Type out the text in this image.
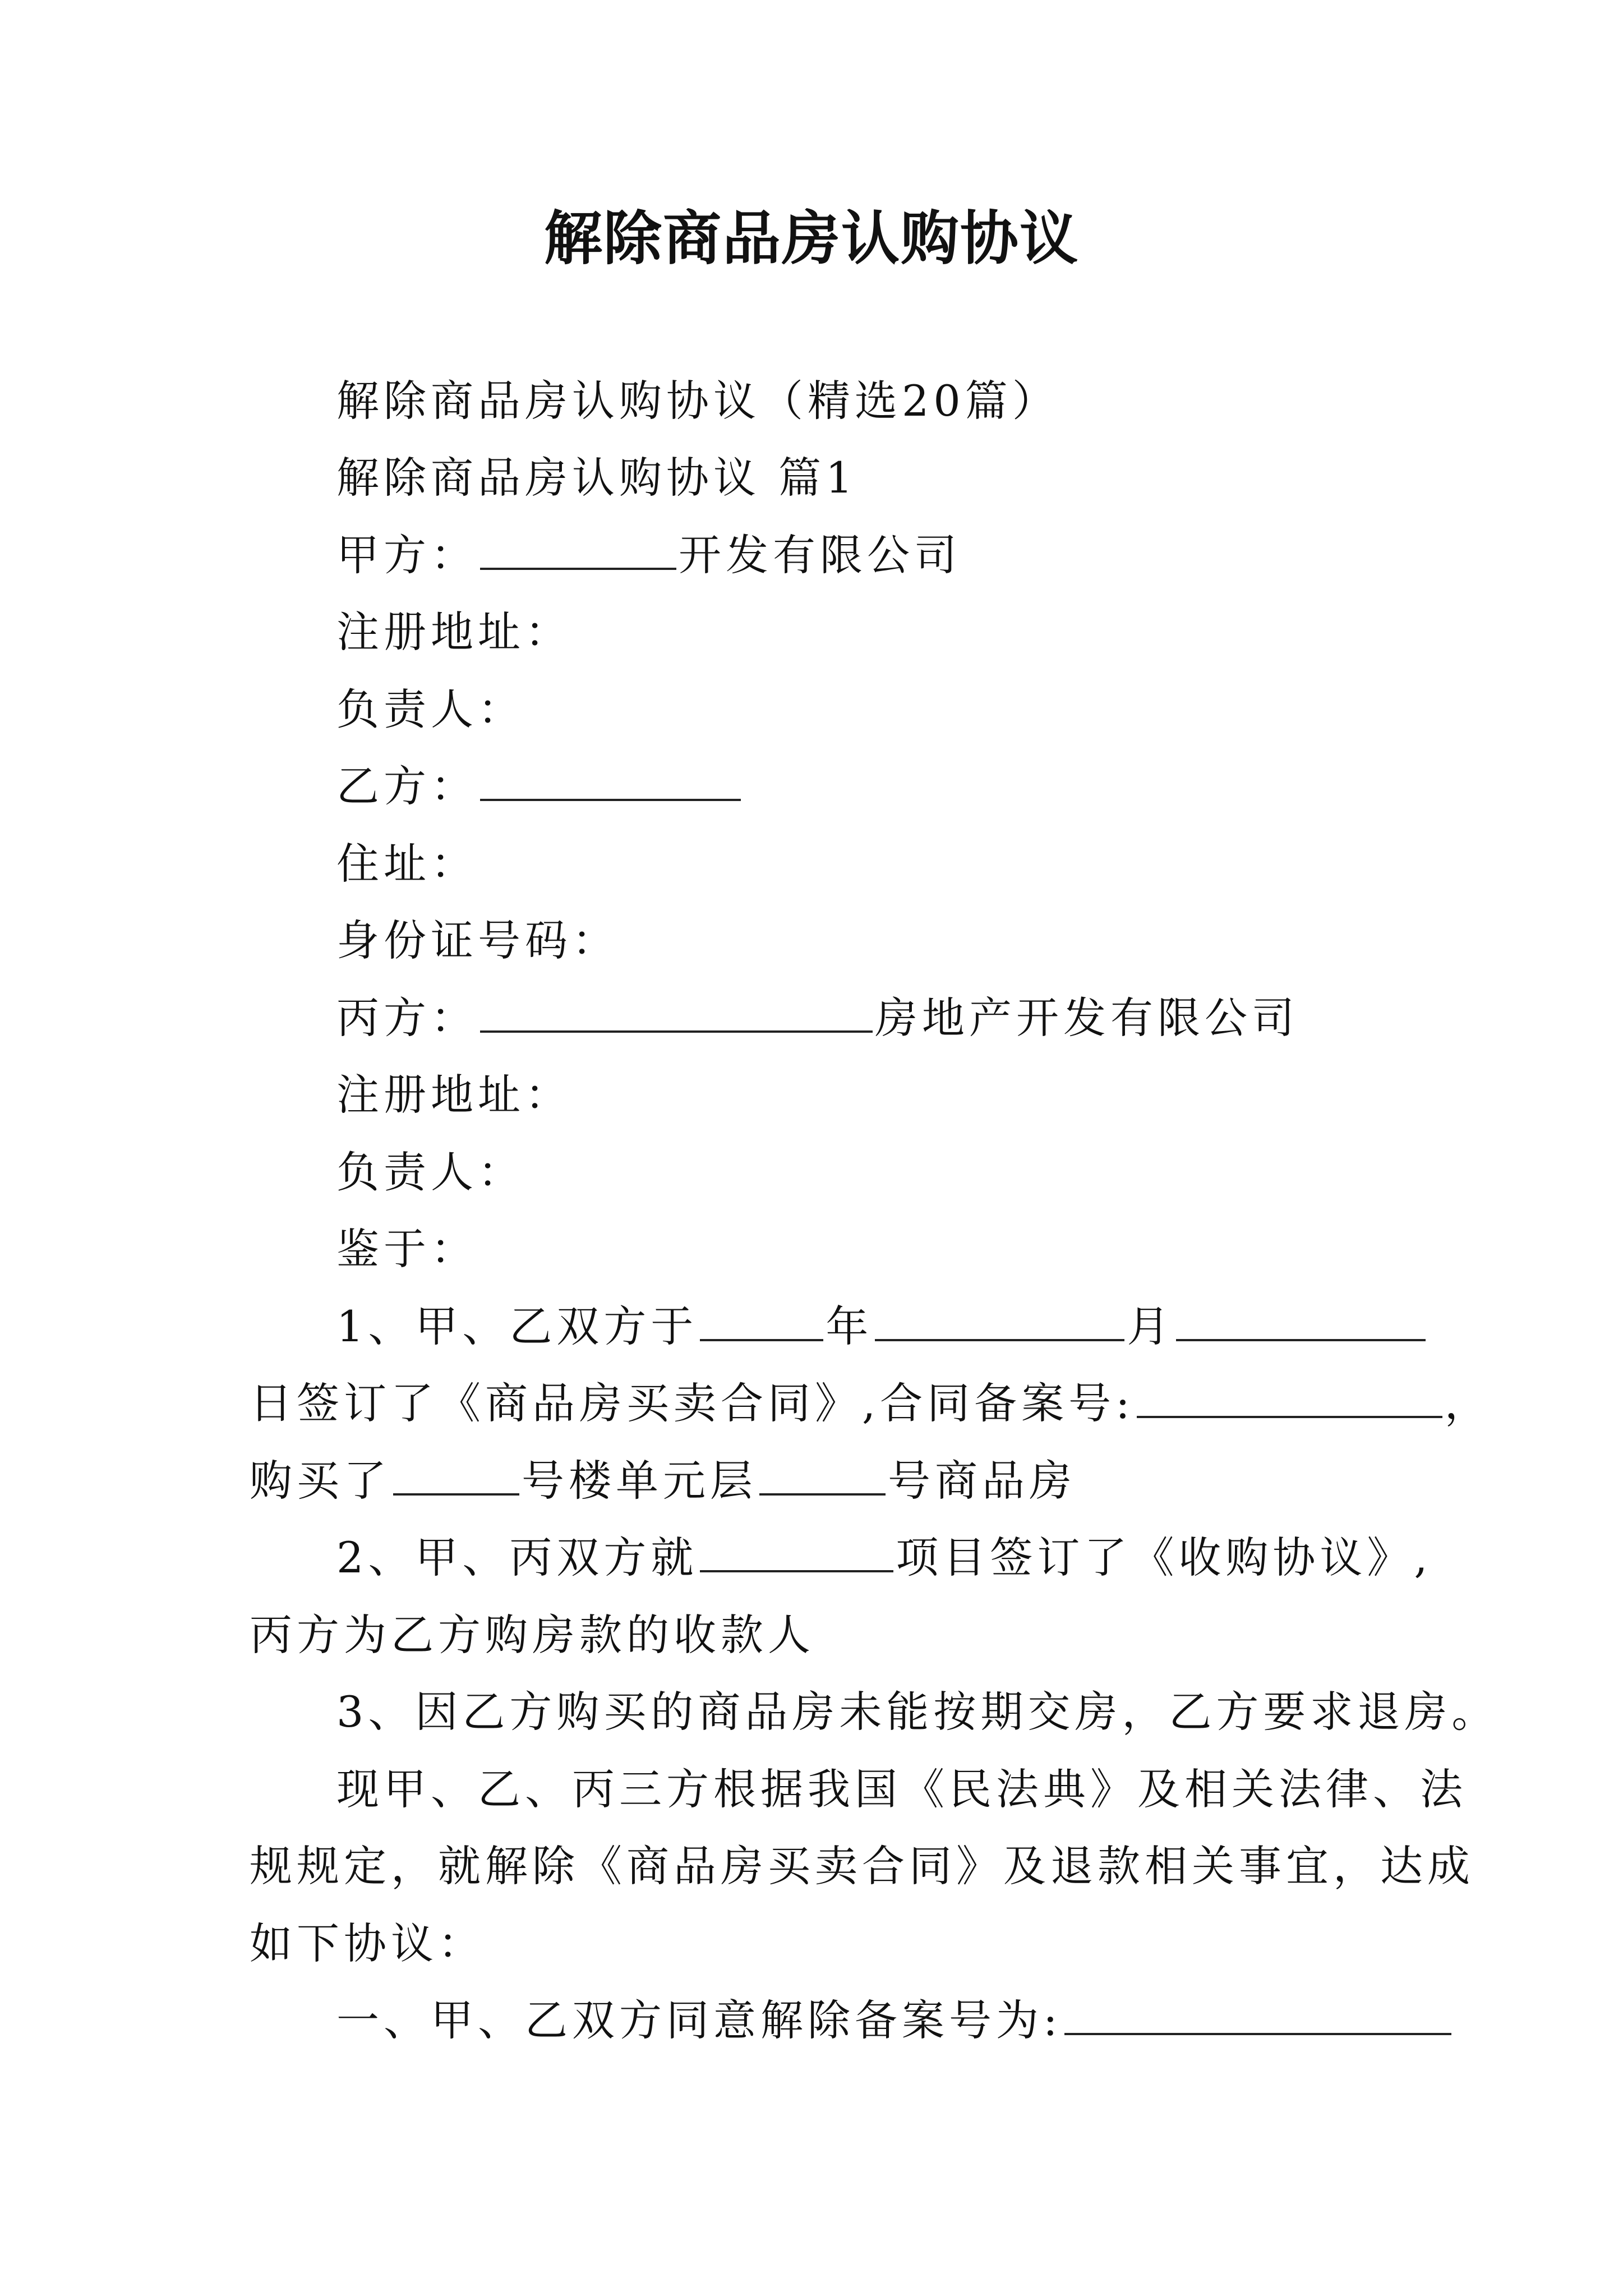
解除商品房认购协议
解除商品房认购协议（精选20篇）
解除商品房认购协议 篇1
甲方：	开发有限公司
注册地址：
负责人：
乙方：
住址：
身份证号码：
丙方：	房地产开发有限公司
注册地址：
负责人：
鉴于：
1、甲、乙双方于	年	月
日签订了《商品房买卖合同》,合同备案号:	，
购买了	号楼单元层	号商品房
2、甲、丙双方就	项目签订了《收购协议》,
丙方为乙方购房款的收款人
3、因乙方购买的商品房未能按期交房，乙方要求退房。
现甲、乙、丙三方根据我国《民法典》及相关法律、法
规规定，就解除《商品房买卖合同》及退款相关事宜，达成
如下协议：
一、甲、乙双方同意解除备案号为:
